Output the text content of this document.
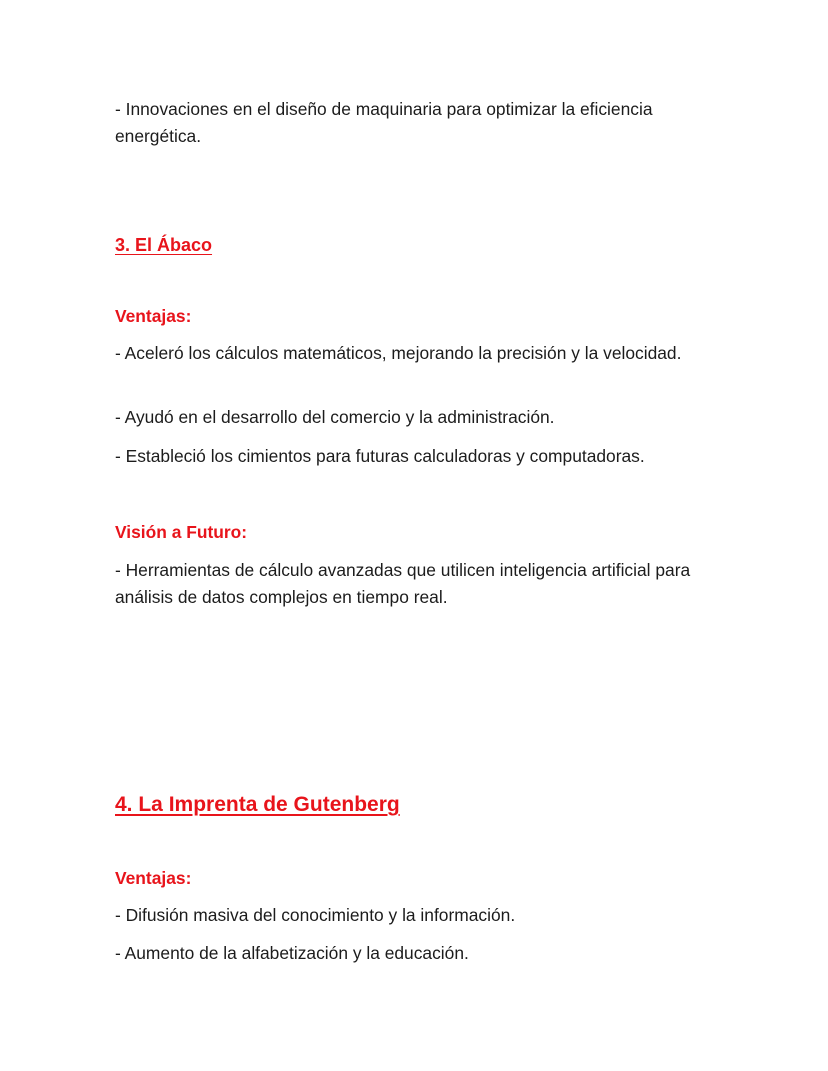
- Innovaciones en el diseño de maquinaria para optimizar la eficiencia energética.

3. El Ábaco

Ventajas:

- Aceleró los cálculos matemáticos, mejorando la precisión y la velocidad.

- Ayudó en el desarrollo del comercio y la administración.

- Estableció los cimientos para futuras calculadoras y computadoras.

Visión a Futuro:

- Herramientas de cálculo avanzadas que utilicen inteligencia artificial para análisis de datos complejos en tiempo real.

4. La Imprenta de Gutenberg

Ventajas:

- Difusión masiva del conocimiento y la información.

- Aumento de la alfabetización y la educación.
